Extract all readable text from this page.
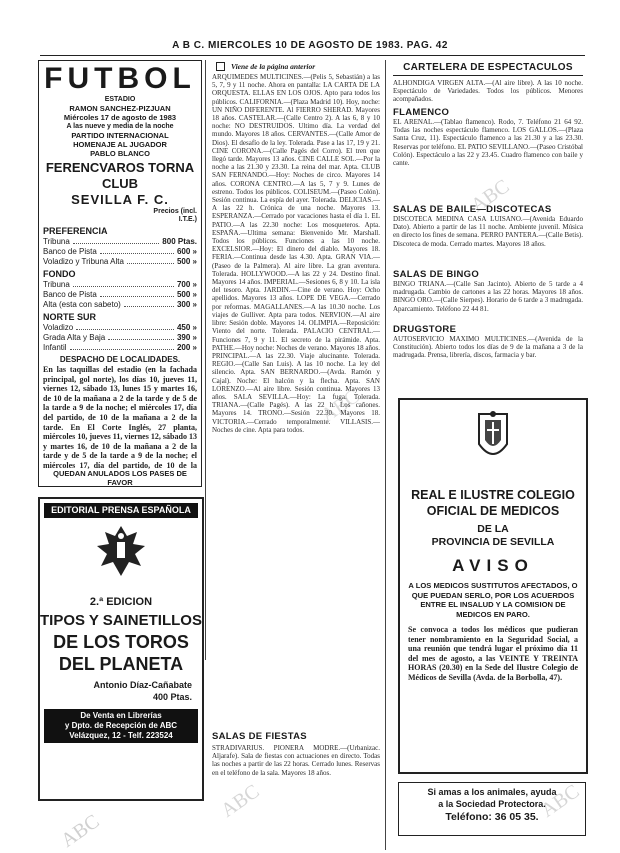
A B C. MIERCOLES 10 DE AGOSTO DE 1983. PAG. 42
FUTBOL
ESTADIO
RAMON SANCHEZ-PIZJUAN
Miércoles 17 de agosto de 1983
A las nueve y media de la noche
PARTIDO INTERNACIONAL
HOMENAJE AL JUGADOR
PABLO BLANCO
FERENCVAROS TORNA CLUB
SEVILLA F. C.
Precios (incl. I.T.E.)
PREFERENCIA
Tribuna	800 Ptas.
Banco de Pista	600 »
Voladizo y Tribuna Alta	500 »
FONDO
Tribuna	700 »
Banco de Pista	500 »
Alta (esta con sabeto)	300 »
NORTE SUR
Voladizo	450 »
Grada Alta y Baja	390 »
Infantil	200 »
DESPACHO DE LOCALIDADES.
En las taquillas del estadio (en la fachada principal, gol norte), los días 10, jueves 11, viernes 12, sábado 13, lunes 15 y martes 16, de 10 de la mañana a 2 de la tarde y de 5 de la tarde a 9 de la noche; el miércoles 17, día del partido, de 10 de la mañana a 2 de la tarde. En El Corte Inglés, 27 planta, miércoles 10, jueves 11, viernes 12, sábado 13 y martes 16, de 10 de la mañana a 2 de la tarde y de 5 de la tarde a 9 de la noche; el miércoles 17, día del partido, de 10 de la
QUEDAN ANULADOS LOS PASES DE FAVOR
EDITORIAL PRENSA ESPAÑOLA
2.ª EDICION
TIPOS Y SAINETILLOS
DE LOS TOROS
DEL PLANETA
Antonio Díaz-Cañabate
400 Ptas.
De Venta en Librerías
y Dpto. de Recepción de ABC
Velázquez, 12 - Telf. 223524
Viene de la página anterior
ARQUIMEDES MULTICINES.—(Pelis 5, Sebastián) a las 5, 7, 9 y 11 noche. Ahora en pantalla: LA CARTA DE LA ORQUESTA. ELLAS EN LOS OJOS. Apto para todos los públicos. CALIFORNIA.—(Plaza Madrid 10). Hoy, noche: UN NIÑO DIFERENTE. Al FIERRO SHERAD. Mayores 18 años. CASTELAR.—(Calle Centro 2). A las 6, 8 y 10 noche: NO DESTRUIDOS. Ultimo día. La verdad del mundo. Mayores 18 años. CERVANTES.—(Calle Amor de Dios). El desafío de la ley. Tolerada. Pase a las 17, 19 y 21. CINE CORONA.—(Calle Pagés del Corro). El tren que llegó tarde. Mayores 13 años. CINE CALLE SOL.—Por la noche a las 21.30 y 23.30. La reina del mar. Apta. CLUB SAN FERNANDO.—Hoy: Noches de circo. Mayores 14 años. CORONA CENTRO.—A las 5, 7 y 9. Lunes de estreno. Todos los públicos. COLISEUM.—(Paseo Colón). Sesión continua. La espía del ayer. Tolerada. DELICIAS.—A las 22 h. Crónica de una noche. Mayores 13. ESPERANZA.—Cerrado por vacaciones hasta el día 1. EL PATIO.—A las 22.30 noche: Los mosqueteros. Apta. ESPAÑA.—Ultima semana: Bienvenido Mr. Marshall. Todos los públicos. Funciones a las 10 noche. EXCELSIOR.—Hoy: El dinero del diablo. Mayores 18. FERIA.—Continua desde las 4.30. Apta. GRAN VIA.—(Paseo de la Palmera). Al aire libre. La gran aventura. Tolerada. HOLLYWOOD.—A las 22 y 24. Destino final. Mayores 14 años. IMPERIAL.—Sesiones 6, 8 y 10. La isla del tesoro. Apta. JARDIN.—Cine de verano. Hoy: Ocho apellidos. Mayores 13 años. LOPE DE VEGA.—Cerrado por reformas. MAGALLANES.—A las 10.30 noche. Los viajes de Gulliver. Apta para todos. NERVION.—Al aire libre: Sesión doble. Mayores 14. OLIMPIA.—Reposición: Viento del norte. Tolerada. PALACIO CENTRAL.—Funciones 7, 9 y 11. El secreto de la pirámide. Apta. PATHE.—Hoy noche: Noches de verano. Mayores 18 años. PRINCIPAL.—A las 22.30. Viaje alucinante. Tolerada. REGIO.—(Calle San Luis). A las 10 noche. La ley del silencio. Apta. SAN BERNARDO.—(Avda. Ramón y Cajal). Noche: El halcón y la flecha. Apta. SAN LORENZO.—Al aire libre. Sesión continua. Mayores 13 años. SALA SEVILLA.—Hoy: La fuga. Tolerada. TRIANA.—(Calle Pagés). A las 22 h. Los cañones. Mayores 14. TRONO.—Sesión 22.30. Mayores 18. VICTORIA.—Cerrado temporalmente. VILLASIS.—Noches de cine. Apta para todos.
SALAS DE FIESTAS
STRADIVARIUS. PIONERA MODRE.—(Urbanizac. Aljarafe). Sala de fiestas con actuaciones en directo. Todas las noches a partir de las 22 horas. Cerrado lunes. Reservas en el teléfono de la sala. Mayores 18 años.
CARTELERA DE ESPECTACULOS
ALHONDIGA VIRGEN ALTA.—(Al aire libre). A las 10 noche. Espectáculo de Variedades. Todos los públicos. Menores acompañados.
FLAMENCO
EL ARENAL.—(Tablao flamenco). Rodo, 7. Teléfono 21 64 92. Todas las noches espectáculo flamenco. LOS GALLOS.—(Plaza Santa Cruz, 11). Espectáculo flamenco a las 21.30 y a las 23.30. Reservas por teléfono. EL PATIO SEVILLANO.—(Paseo Cristóbal Colón). Espectáculo a las 22 y 23.45. Cuadro flamenco con baile y cante.
SALAS DE BAILE—DISCOTECAS
DISCOTECA MEDINA CASA LUISANO.—(Avenida Eduardo Dato). Abierto a partir de las 11 noche. Ambiente juvenil. Música en directo los fines de semana. PERRO PANTERA.—(Calle Betis). Discoteca de moda. Cerrado martes. Mayores 18 años.
SALAS DE BINGO
BINGO TRIANA.—(Calle San Jacinto). Abierto de 5 tarde a 4 madrugada. Cambio de cartones a las 22 horas. Mayores 18 años. BINGO ORO.—(Calle Sierpes). Horario de 6 tarde a 3 madrugada. Aparcamiento. Teléfono 22 44 81.
DRUGSTORE
AUTOSERVICIO MAXIMO MULTICINES.—(Avenida de la Constitución). Abierto todos los días de 9 de la mañana a 3 de la madrugada. Prensa, librería, discos, farmacia y bar.
REAL E ILUSTRE COLEGIO
OFICIAL DE MEDICOS
DE LA
PROVINCIA DE SEVILLA
AVISO
A LOS MEDICOS SUSTITUTOS AFECTADOS, O QUE PUEDAN SERLO, POR LOS ACUERDOS ENTRE EL INSALUD Y LA COMISION DE MEDICOS EN PARO.
Se convoca a todos los médicos que pudieran tener nombramiento en la Seguridad Social, a una reunión que tendrá lugar el próximo día 11 del mes de agosto, a las VEINTE Y TREINTA HORAS (20.30) en la Sede del Ilustre Colegio de Médicos de Sevilla (Avda. de la Borbolla, 47).
Si amas a los animales, ayuda
a la Sociedad Protectora.
Teléfono: 36 05 35.
ABC
ABC
ABC
ABC
ABC
